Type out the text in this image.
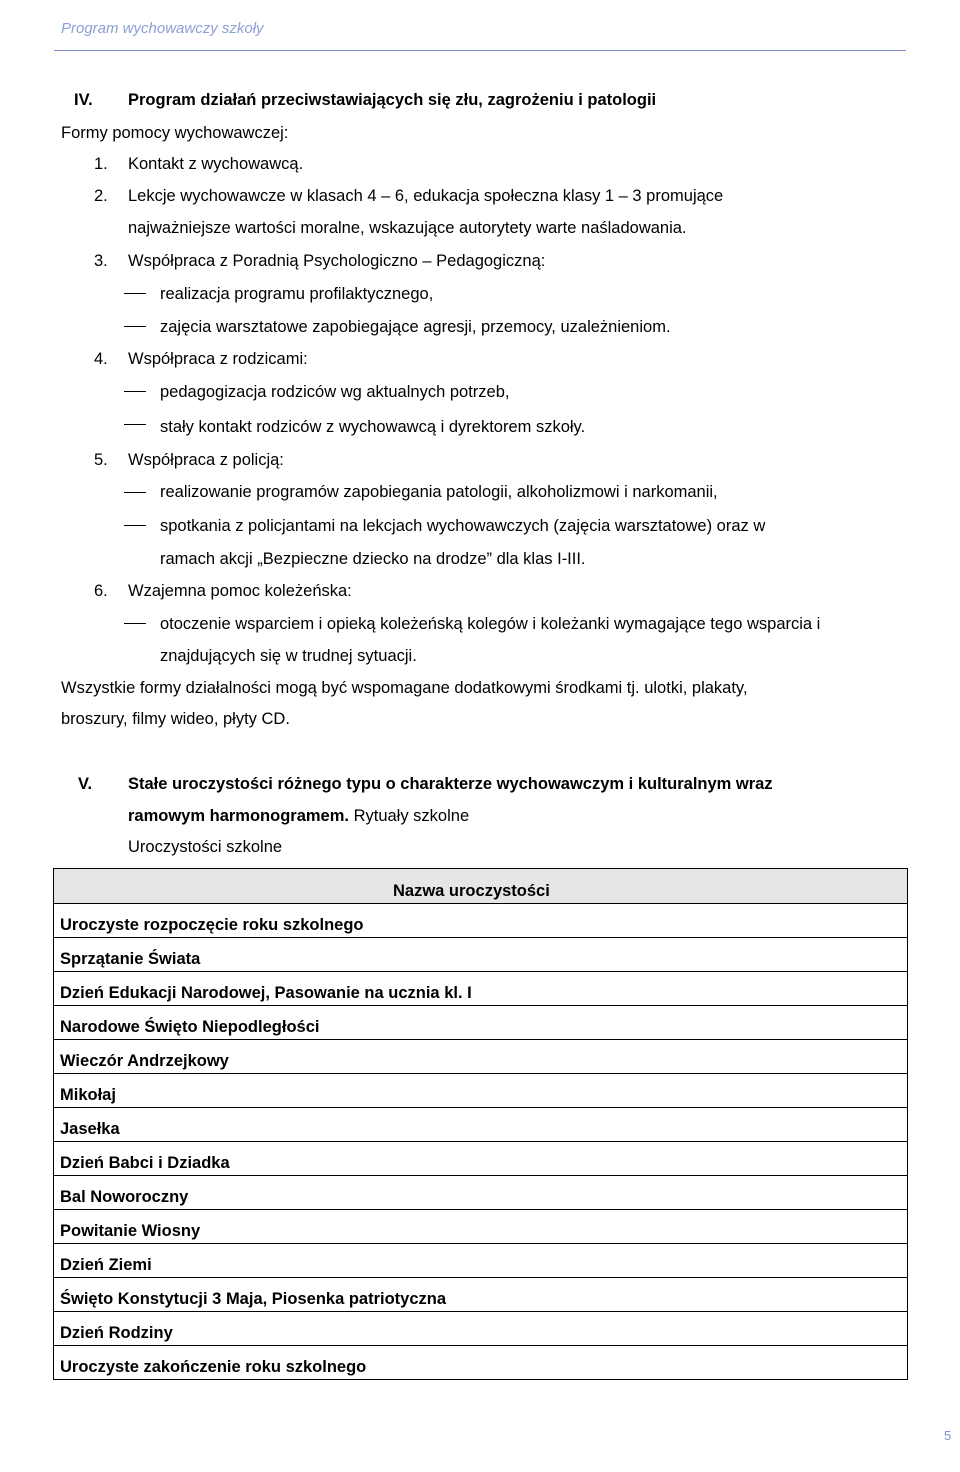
Program wychowawczy szkoły
IV. Program działań przeciwstawiających się złu, zagrożeniu i patologii
Formy pomocy wychowawczej:
1. Kontakt z wychowawcą.
2. Lekcje wychowawcze w klasach 4 – 6, edukacja społeczna klasy 1 – 3 promujące
najważniejsze wartości moralne, wskazujące autorytety warte naśladowania.
3. Współpraca z Poradnią Psychologiczno – Pedagogiczną:
realizacja programu profilaktycznego,
zajęcia warsztatowe zapobiegające agresji, przemocy, uzależnieniom.
4. Współpraca z rodzicami:
pedagogizacja rodziców wg aktualnych potrzeb,
stały kontakt rodziców z wychowawcą i dyrektorem szkoły.
5. Współpraca z policją:
realizowanie programów zapobiegania patologii, alkoholizmowi i narkomanii,
spotkania z policjantami na lekcjach wychowawczych (zajęcia warsztatowe) oraz w
ramach akcji „Bezpieczne dziecko na drodze” dla klas I-III.
6. Wzajemna pomoc koleżeńska:
otoczenie wsparciem i opieką koleżeńską kolegów i koleżanki wymagające tego wsparcia i
znajdujących się w trudnej sytuacji.
Wszystkie formy działalności mogą być wspomagane dodatkowymi środkami tj. ulotki, plakaty,
broszury, filmy wideo, płyty CD.
V. Stałe uroczystości różnego typu o charakterze wychowawczym i kulturalnym wraz
ramowym harmonogramem. Rytuały szkolne
Uroczystości szkolne
Nazwa uroczystości
Uroczyste rozpoczęcie roku szkolnego
Sprzątanie Świata
Dzień Edukacji Narodowej, Pasowanie na ucznia kl. I
Narodowe Święto Niepodległości
Wieczór Andrzejkowy
Mikołaj
Jasełka
Dzień Babci i Dziadka
Bal Noworoczny
Powitanie Wiosny
Dzień Ziemi
Święto Konstytucji 3 Maja, Piosenka patriotyczna
Dzień Rodziny
Uroczyste zakończenie roku szkolnego
5
